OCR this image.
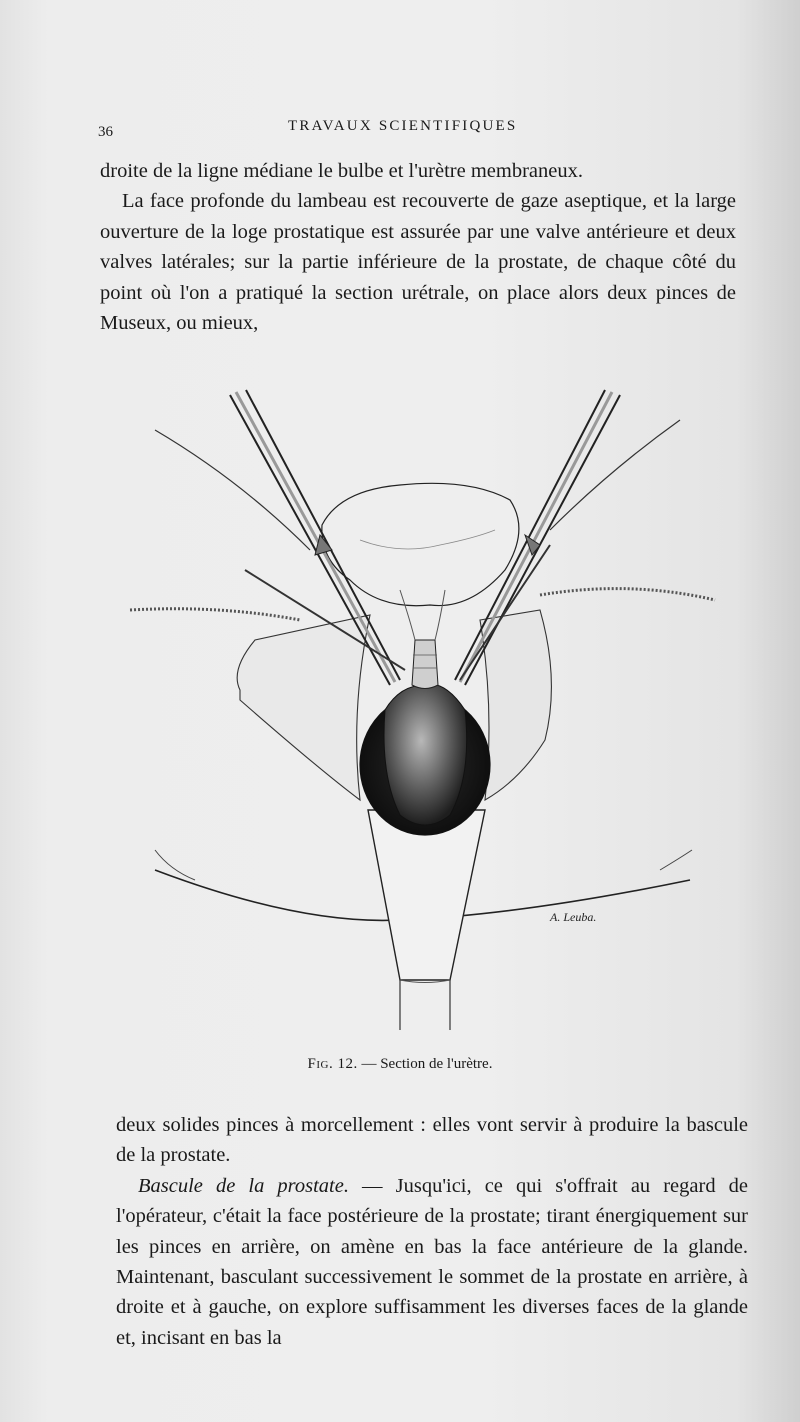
36	TRAVAUX SCIENTIFIQUES

droite de la ligne médiane le bulbe et l'urètre membraneux.

La face profonde du lambeau est recouverte de gaze aseptique, et la large ouverture de la loge prostatique est assurée par une valve antérieure et deux valves latérales; sur la partie inférieure de la prostate, de chaque côté du point où l'on a pratiqué la section urétrale, on place alors deux pinces de Museux, ou mieux,

A. Leuba.
Fig. 12. — Section de l'urètre.

deux solides pinces à morcellement : elles vont servir à produire la bascule de la prostate.

Bascule de la prostate. — Jusqu'ici, ce qui s'offrait au regard de l'opérateur, c'était la face postérieure de la prostate; tirant énergiquement sur les pinces en arrière, on amène en bas la face antérieure de la glande. Maintenant, basculant successivement le sommet de la prostate en arrière, à droite et à gauche, on explore suffisamment les diverses faces de la glande et, incisant en bas la
